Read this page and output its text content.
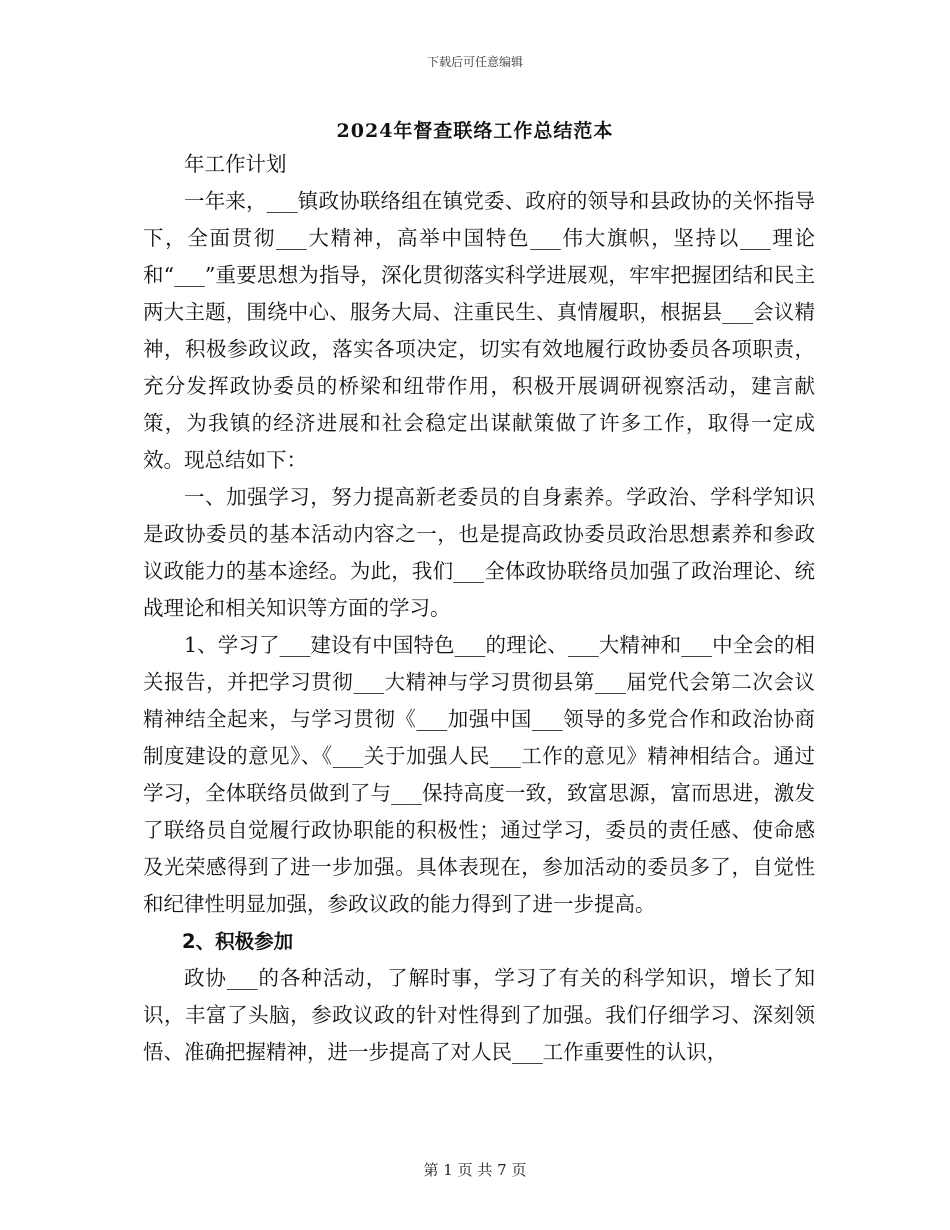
下载后可任意编辑
2024年督查联络工作总结范本

年工作计划

一年来，___镇政协联络组在镇党委、政府的领导和县政协的关怀指导下，全面贯彻___大精神，高举中国特色___伟大旗帜，坚持以___理论和“___”重要思想为指导，深化贯彻落实科学进展观，牢牢把握团结和民主两大主题，围绕中心、服务大局、注重民生、真情履职，根据县___会议精神，积极参政议政，落实各项决定，切实有效地履行政协委员各项职责，充分发挥政协委员的桥梁和纽带作用，积极开展调研视察活动，建言献策，为我镇的经济进展和社会稳定出谋献策做了许多工作，取得一定成效。现总结如下：

一、加强学习，努力提高新老委员的自身素养。学政治、学科学知识是政协委员的基本活动内容之一，也是提高政协委员政治思想素养和参政议政能力的基本途经。为此，我们___全体政协联络员加强了政治理论、统战理论和相关知识等方面的学习。

1、学习了___建设有中国特色___的理论、___大精神和___中全会的相关报告，并把学习贯彻___大精神与学习贯彻县第___届党代会第二次会议精神结全起来，与学习贯彻《___加强中国___领导的多党合作和政治协商制度建设的意见》、《___关于加强人民___工作的意见》精神相结合。通过学习，全体联络员做到了与___保持高度一致，致富思源，富而思进，激发了联络员自觉履行政协职能的积极性；通过学习，委员的责任感、使命感及光荣感得到了进一步加强。具体表现在，参加活动的委员多了，自觉性和纪律性明显加强，参政议政的能力得到了进一步提高。

2、积极参加

政协___的各种活动，了解时事，学习了有关的科学知识，增长了知识，丰富了头脑，参政议政的针对性得到了加强。我们仔细学习、深刻领悟、准确把握精神，进一步提高了对人民___工作重要性的认识，

第 1 页 共 7 页
